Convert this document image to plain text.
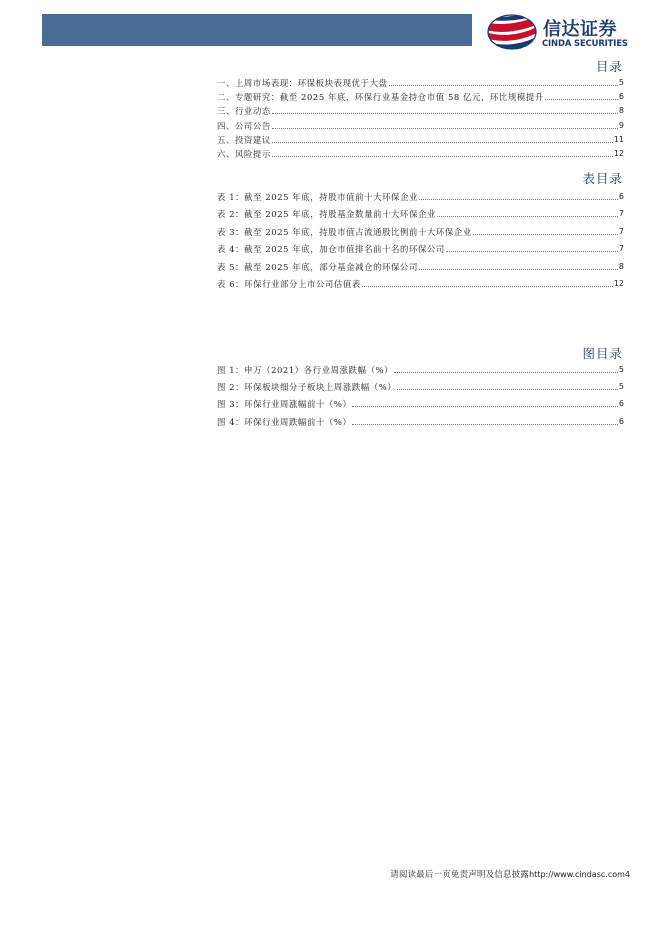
信达证券
CINDA SECURITIES
目录
一、上周市场表现：环保板块表现优于大盘	5
二、专题研究：截至 2025 年底，环保行业基金持仓市值 58 亿元，环比规模提升	6
三、行业动态	8
四、公司公告	9
五、投资建议	11
六、风险提示	12
表目录
表 1：截至 2025 年底，持股市值前十大环保企业	6
表 2：截至 2025 年底，持股基金数量前十大环保企业	7
表 3：截至 2025 年底，持股市值占流通股比例前十大环保企业	7
表 4：截至 2025 年底，加仓市值排名前十名的环保公司	7
表 5：截至 2025 年底，部分基金减仓的环保公司	8
表 6：环保行业部分上市公司估值表	12
图目录
图 1：申万（2021）各行业周涨跌幅（%）	5
图 2：环保板块细分子板块上周涨跌幅（%）	5
图 3：环保行业周涨幅前十（%）	6
图 4：环保行业周跌幅前十（%）	6
请阅读最后一页免责声明及信息披露http://www.cindasc.com4
